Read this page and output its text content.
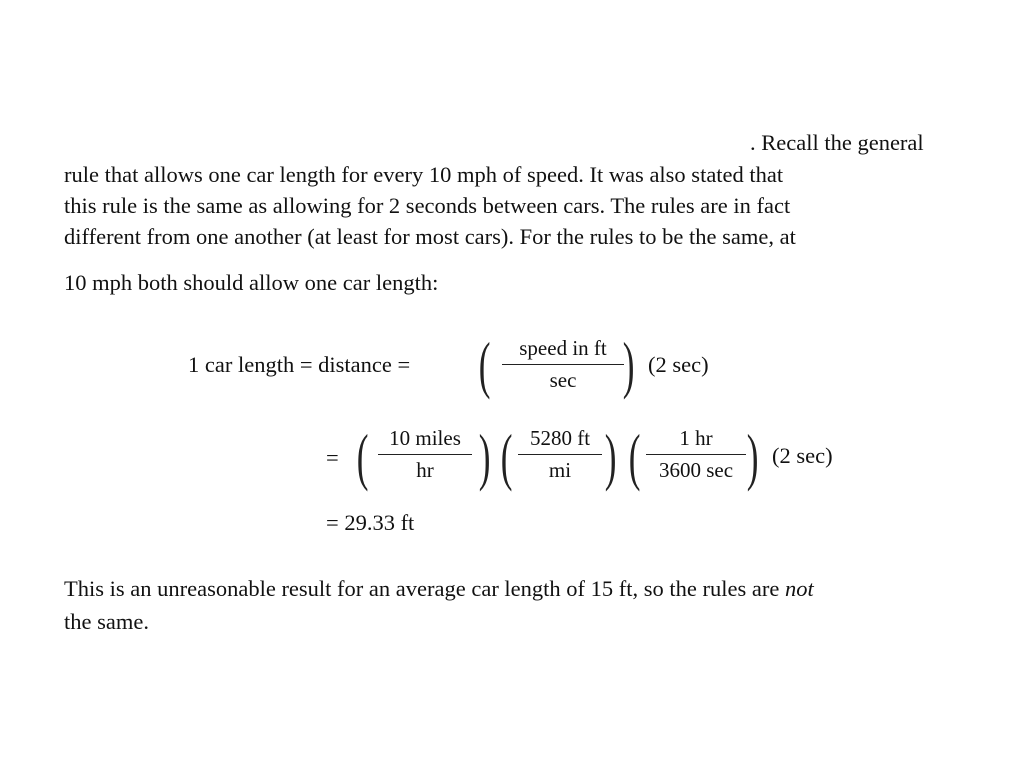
. Recall the general
rule that allows one car length for every 10 mph of speed. It was also stated that
this rule is the same as allowing for 2 seconds between cars. The rules are in fact
different from one another (at least for most cars). For the rules to be the same, at
10 mph both should allow one car length:
1 car length = distance = (	speed in ft
sec ) (2 sec)
= ( 10 miles
hr ) ( 5280 ft
mi ) (	1 hr
3600 sec ) (2 sec)
= 29.33 ft
This is an unreasonable result for an average car length of 15 ft, so the rules are not
the same.
